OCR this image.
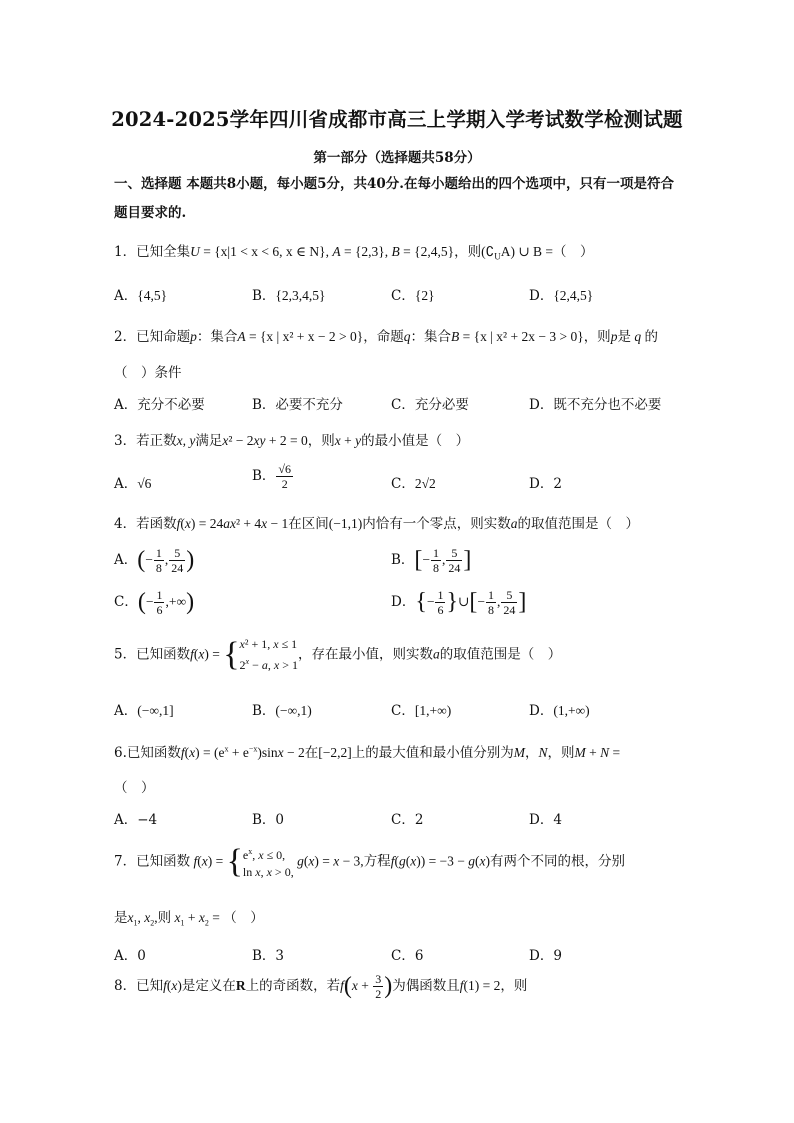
2024-2025学年四川省成都市高三上学期入学考试数学检测试题
第一部分（选择题共58分）
一、选择题 本题共8小题，每小题5分，共40分.在每小题给出的四个选项中，只有一项是符合题目要求的.
1．已知全集U = {x|1 < x < 6, x ∈ N}, A = {2,3}, B = {2,4,5}，则$(∁_UA)$ ∪ B =（　）
A．{4,5}	B．{2,3,4,5}	C．{2}	D．{2,4,5}
2．已知命题p：集合A = {x | x² + x − 2 > 0}，命题q：集合B = {x | x² + 2x − 3 > 0}，则p是 q 的
（　）条件
A．充分不必要	B．必要不充分	C．充分必要	D．既不充分也不必要
3．若正数x, y满足x² − 2xy + 2 = 0，则x + y的最小值是（　）
A．√6	B． $\frac{√6}{2}$	C．2√2	D．2
4．若函数f(x) = 24ax² + 4x − 1在区间(−1,1)内恰有一个零点，则实数a的取值范围是（　）
A．(− $\frac{1}{8}$ , $\frac{5}{24}$ )	B．[− $\frac{1}{8}$ , $\frac{5}{24}$ ]
C．(− $\frac{1}{6}$ ,+∞)	D．{− $\frac{1}{6}$ }∪[− $\frac{1}{8}$ , $\frac{5}{24}$ ]
5．已知函数f(x) = { x² + 1, x ≤ 1
$2^x - a$, x > 1
，存在最小值，则实数a的取值范围是（　）
A．(−∞,1]	B．(−∞,1)	C．[1,+∞)	D．(1,+∞)
6.已知函数$f(x) = (e^x + e^{-x})\sin x - 2$在[−2,2]上的最大值和最小值分别为M，N，则M + N =
（　）
A．−4	B．0	C．2	D．4
7．已知函数 f(x) = { $e^x$, x ≤ 0,
ln x, x > 0,
g(x) = x − 3,方程f(g(x)) = −3 − g(x)有两个不同的根，分别
是$x_1$, $x_2$,则 $x_1 + x_2$ = （　）
A．0	B．3	C．6	D．9
8．已知f(x)是定义在R上的奇函数，若$f(x + \frac{3}{2}$ )为偶函数且f(1) = 2，则
